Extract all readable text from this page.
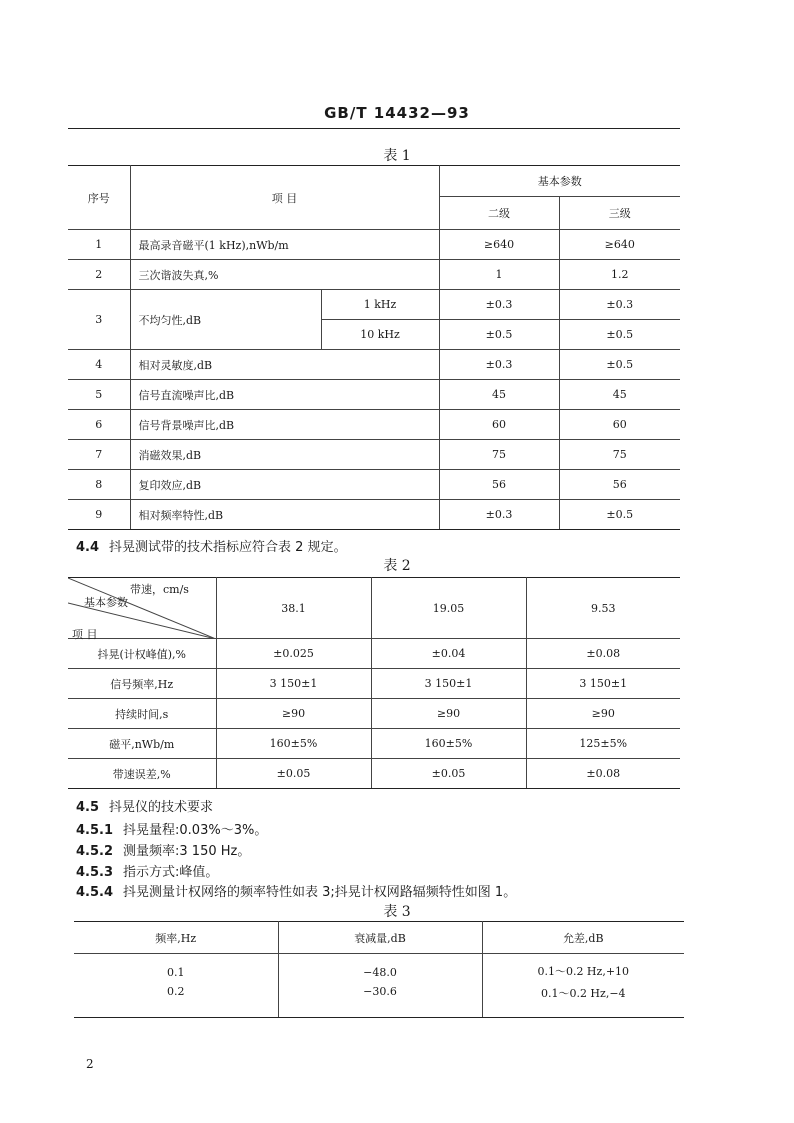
GB/T 14432—93
表 1
序号	项 目		基本参数	
			二级	三级
1	最高录音磁平(1 kHz),nWb/m		≥640	≥640
2	三次谐波失真,%		1	1.2
3	不均匀性,dB	1 kHz	±0.3	±0.3
		10 kHz	±0.5	±0.5
4	相对灵敏度,dB		±0.3	±0.5
5	信号直流噪声比,dB		45	45
6	信号背景噪声比,dB		60	60
7	消磁效果,dB		75	75
8	复印效应,dB		56	56
9	相对频率特性,dB		±0.3	±0.5
4.4 抖晃测试带的技术指标应符合表 2 规定。
表 2
带速，cm/s
基本参数
项 目	38.1	19.05	9.53
抖晃(计权峰值),%	±0.025	±0.04	±0.08
信号频率,Hz	3 150±1	3 150±1	3 150±1
持续时间,s	≥90	≥90	≥90
磁平,nWb/m	160±5%	160±5%	125±5%
带速误差,%	±0.05	±0.05	±0.08
4.5 抖晃仪的技术要求
4.5.1 抖晃量程:0.03%～3%。
4.5.2 测量频率:3 150 Hz。
4.5.3 指示方式:峰值。
4.5.4 抖晃测量计权网络的频率特性如表 3;抖晃计权网路辐频特性如图 1。
表 3
频率,Hz	衰减量,dB	允差,dB
0.1	−48.0	0.1～0.2 Hz,+10
0.2	−30.6	0.1～0.2 Hz,−4
2
